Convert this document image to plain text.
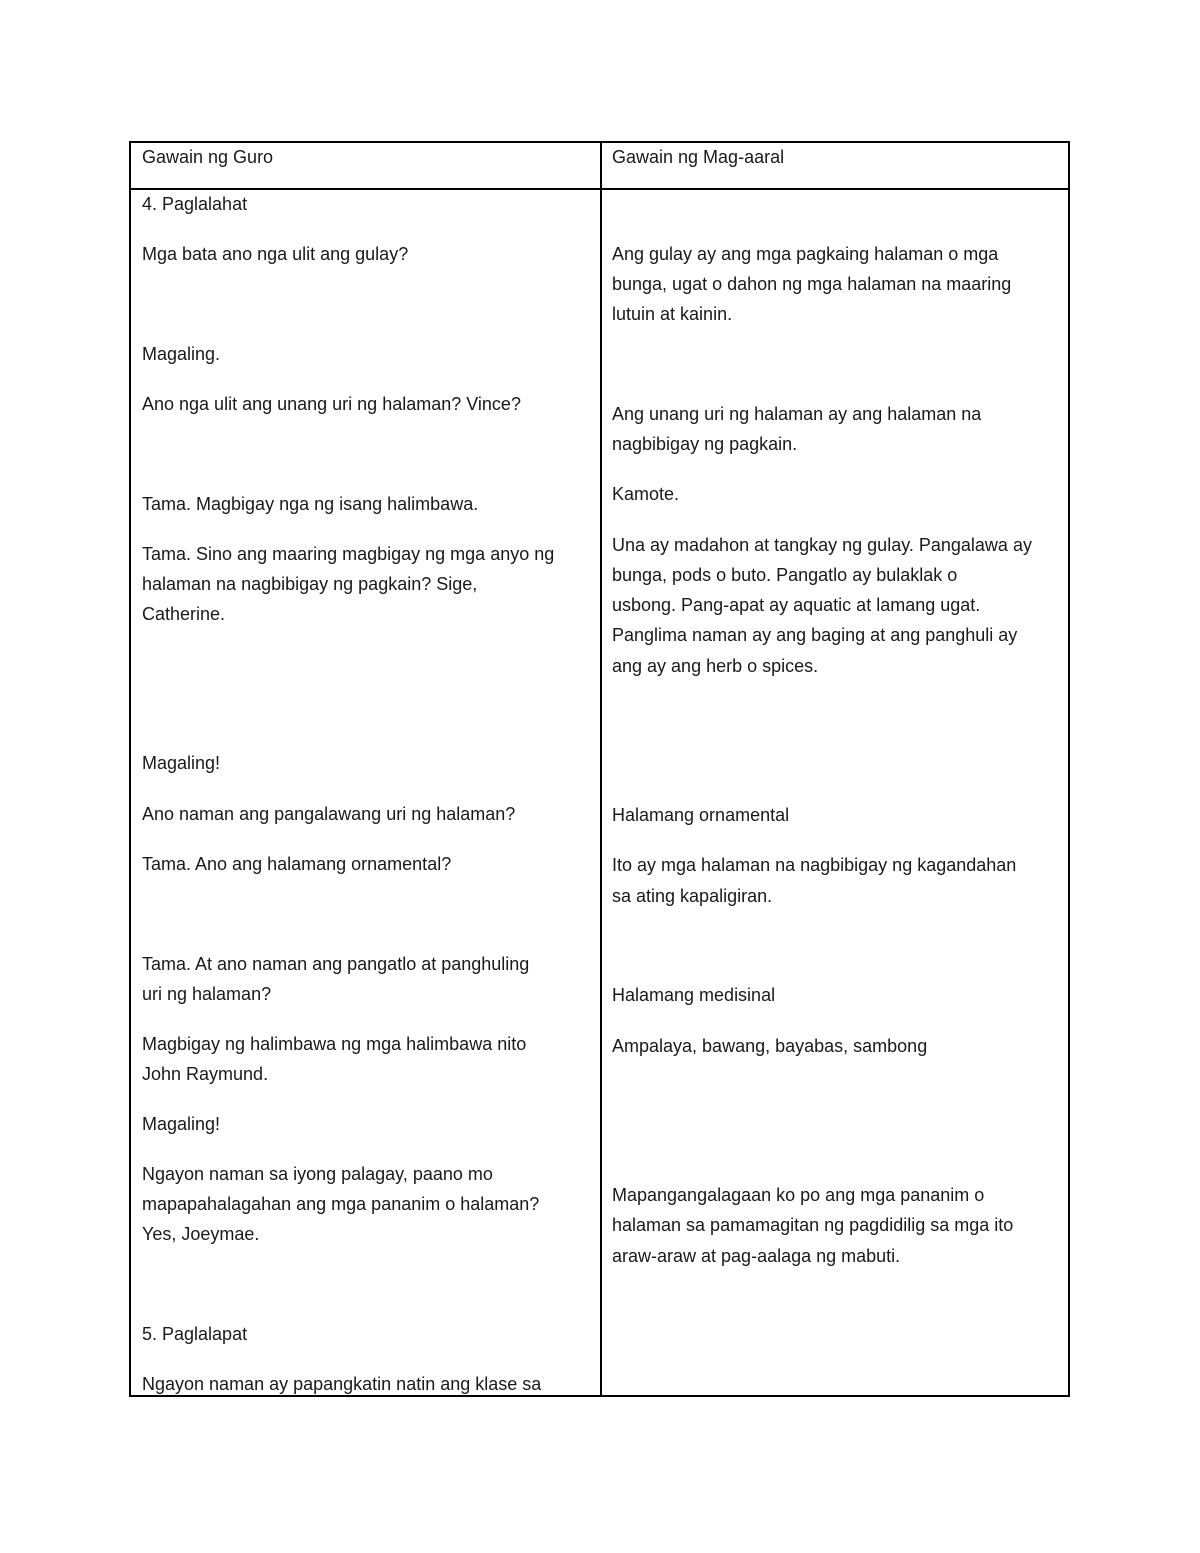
Gawain ng Guro	Gawain ng Mag-aaral

4. Paglalahat

Mga bata ano nga ulit ang gulay?

Magaling.

Ano nga ulit ang unang uri ng halaman? Vince?

Tama. Magbigay nga ng isang halimbawa.

Tama. Sino ang maaring magbigay ng mga anyo ng

halaman na nagbibigay ng pagkain? Sige,

Catherine.

Magaling!

Ano naman ang pangalawang uri ng halaman?

Tama. Ano ang halamang ornamental?

Tama. At ano naman ang pangatlo at panghuling

uri ng halaman?

Magbigay ng halimbawa ng mga halimbawa nito

John Raymund.

Magaling!

Ngayon naman sa iyong palagay, paano mo

mapapahalagahan ang mga pananim o halaman?

Yes, Joeymae.

5. Paglalapat

Ngayon naman ay papangkatin natin ang klase sa

Ang gulay ay ang mga pagkaing halaman o mga

bunga, ugat o dahon ng mga halaman na maaring

lutuin at kainin.

Ang unang uri ng halaman ay ang halaman na

nagbibigay ng pagkain.

Kamote.

Una ay madahon at tangkay ng gulay. Pangalawa ay

bunga, pods o buto. Pangatlo ay bulaklak o

usbong. Pang-apat ay aquatic at lamang ugat.

Panglima naman ay ang baging at ang panghuli ay

ang ay ang herb o spices.

Halamang ornamental

Ito ay mga halaman na nagbibigay ng kagandahan

sa ating kapaligiran.

Halamang medisinal

Ampalaya, bawang, bayabas, sambong

Mapangangalagaan ko po ang mga pananim o

halaman sa pamamagitan ng pagdidilig sa mga ito

araw-araw at pag-aalaga ng mabuti.
